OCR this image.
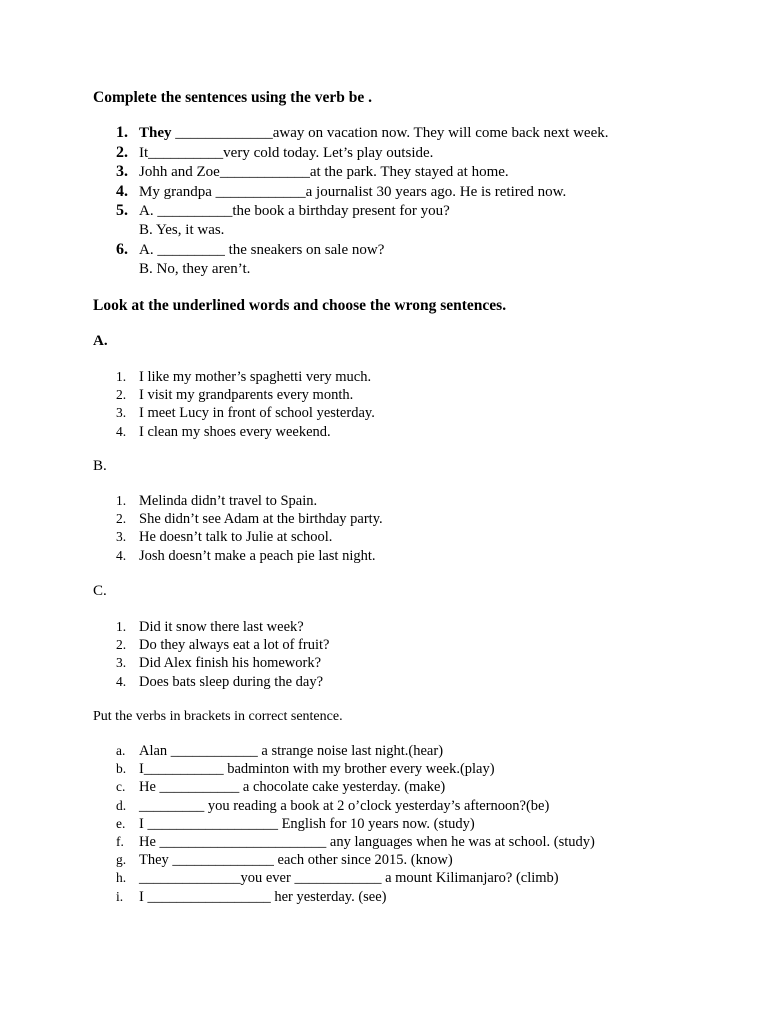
Complete the sentences using the verb be .
1. They _____________away on vacation now. They will come back next week.
2. It__________very cold today. Let’s play outside.
3. Johh and Zoe____________at the park. They stayed at home.
4. My grandpa ____________a journalist 30 years ago. He is retired now.
5. A. __________the book a birthday present for you?
B. Yes, it was.
6. A. _________ the sneakers on sale now?
B. No, they aren’t.
Look at the underlined words and choose the wrong sentences.
A.
1. I like my mother’s spaghetti very much.
2. I visit my grandparents every month.
3. I meet Lucy in front of school yesterday.
4. I clean my shoes every weekend.
B.
1. Melinda didn’t travel to Spain.
2. She didn’t see Adam at the birthday party.
3. He doesn’t talk to Julie at school.
4. Josh doesn’t make a peach pie last night.
C.
1. Did it snow there last week?
2. Do they always eat a lot of fruit?
3. Did Alex finish his homework?
4. Does bats sleep during the day?
Put the verbs in brackets in correct sentence.
a. Alan ____________ a strange noise last night.(hear)
b. I___________ badminton with my brother every week.(play)
c. He ___________ a chocolate cake yesterday. (make)
d. _________ you reading a book at 2 o’clock yesterday’s afternoon?(be)
e. I __________________ English for 10 years now. (study)
f.	He _______________________ any languages when he was at school. (study)
g. They ______________ each other since 2015. (know)
h. ______________you ever ____________ a mount Kilimanjaro? (climb)
i.	I _________________ her yesterday. (see)
